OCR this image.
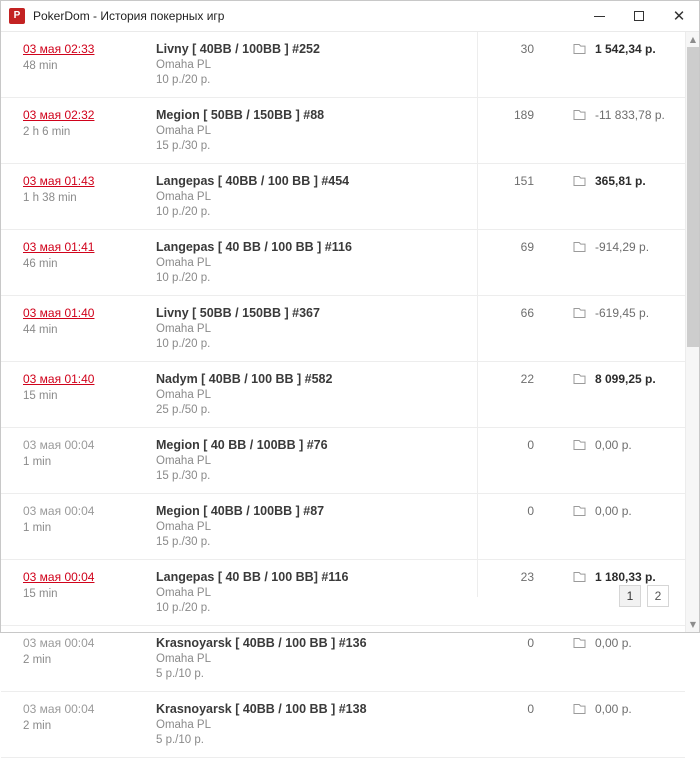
P	PokerDom - История покерных игр	✕
03 мая 02:33
48 min
Livny [ 40BB / 100BB ] #252
Omaha PL
10 p./20 p.
30	1 542,34 р.
03 мая 02:32
2 h 6 min
Megion [ 50BB / 150BB ] #88
Omaha PL
15 p./30 p.
189	-11 833,78 р.
03 мая 01:43
1 h 38 min
Langepas [ 40BB / 100 BB ] #454
Omaha PL
10 p./20 p.
151	365,81 р.
03 мая 01:41
46 min
Langepas [ 40 BB / 100 BB ] #116
Omaha PL
10 p./20 p.
69	-914,29 р.
03 мая 01:40
44 min
Livny [ 50BB / 150BB ] #367
Omaha PL
10 p./20 p.
66	-619,45 р.
03 мая 01:40
15 min
Nadym [ 40BB / 100 BB ] #582
Omaha PL
25 p./50 p.
22	8 099,25 р.
03 мая 00:04
1 min
Megion [ 40 BB / 100BB ] #76
Omaha PL
15 p./30 p.
0	0,00 р.
03 мая 00:04
1 min
Megion [ 40BB / 100BB ] #87
Omaha PL
15 p./30 p.
0	0,00 р.
03 мая 00:04
15 min
Langepas [ 40 BB / 100 BB] #116
Omaha PL
10 p./20 p.
23	1 180,33 р.
03 мая 00:04
2 min
Krasnoyarsk [ 40BB / 100 BB ] #136
Omaha PL
5 p./10 p.
0	0,00 р.
03 мая 00:04
2 min
Krasnoyarsk [ 40BB / 100 BB ] #138
Omaha PL
5 p./10 p.
0	0,00 р.
1	2
▲
▼
